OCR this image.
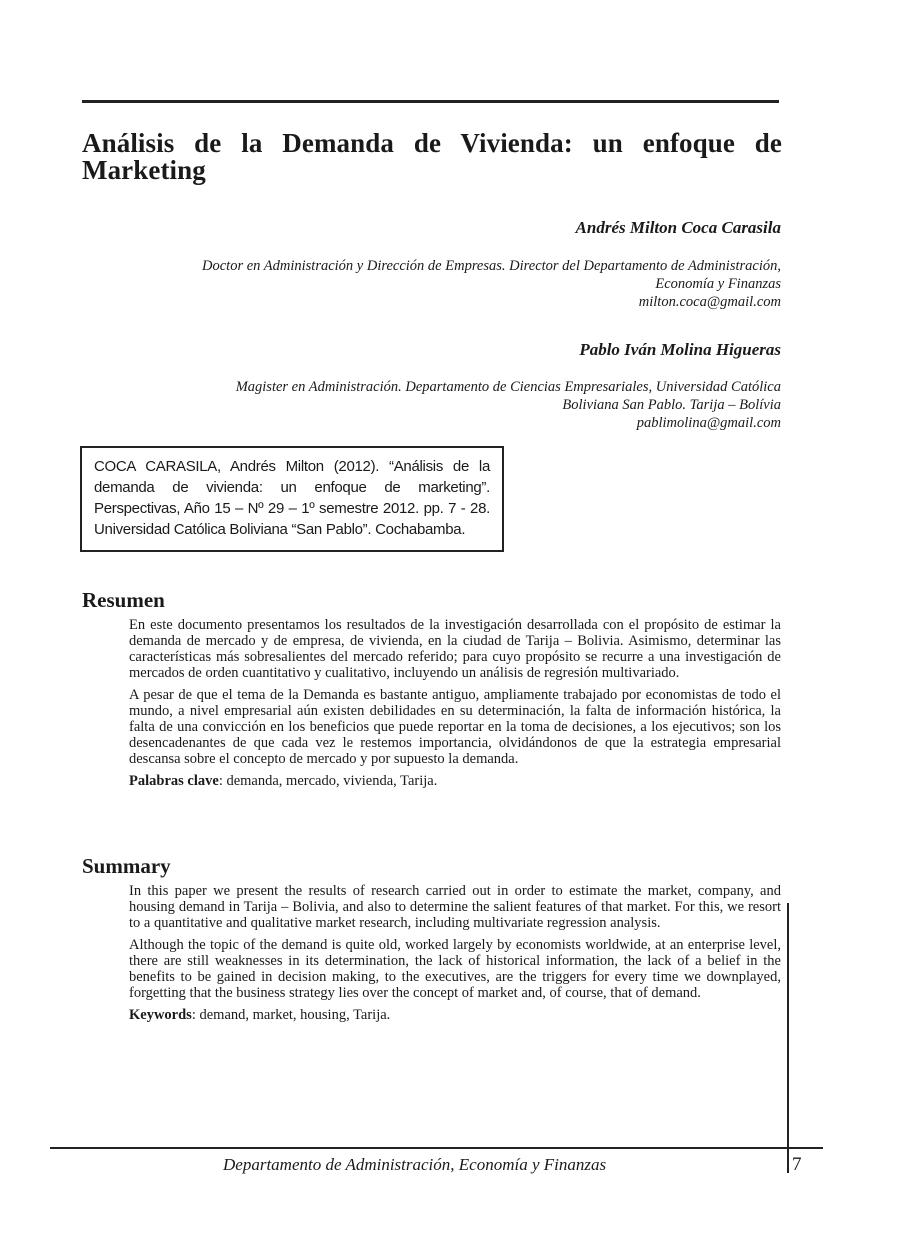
Análisis de la Demanda de Vivienda: un enfoque de Marketing
Andrés Milton Coca Carasila
Doctor en Administración y Dirección de Empresas. Director del Departamento de Administración,
Economía y Finanzas
milton.coca@gmail.com
Pablo Iván Molina Higueras
Magister en Administración. Departamento de Ciencias Empresariales, Universidad Católica
Boliviana San Pablo. Tarija – Bolívia
pablimolina@gmail.com
COCA CARASILA, Andrés Milton (2012). “Análisis de la demanda de vivienda: un enfoque de marketing”. Perspectivas, Año 15 – Nº 29 – 1º semestre 2012. pp. 7 - 28. Universidad Católica Boliviana “San Pablo”. Cochabamba.
Resumen

En este documento presentamos los resultados de la investigación desarrollada con el propósito de estimar la demanda de mercado y de empresa, de vivienda, en la ciudad de Tarija – Bolivia. Asimismo, determinar las características más sobresalientes del mercado referido; para cuyo propósito se recurre a una investigación de mercados de orden cuantitativo y cualitativo, incluyendo un análisis de regresión multivariado.

A pesar de que el tema de la Demanda es bastante antiguo, ampliamente trabajado por economistas de todo el mundo, a nivel empresarial aún existen debilidades en su determinación, la falta de información histórica, la falta de una convicción en los beneficios que puede reportar en la toma de decisiones, a los ejecutivos; son los desencadenantes de que cada vez le restemos importancia, olvidándonos de que la estrategia empresarial descansa sobre el concepto de mercado y por supuesto la demanda.

Palabras clave: demanda, mercado, vivienda, Tarija.

Summary

In this paper we present the results of research carried out in order to estimate the market, company, and housing demand in Tarija – Bolivia, and also to determine the salient features of that market. For this, we resort to a quantitative and qualitative market research, including multivariate regression analysis.

Although the topic of the demand is quite old, worked largely by economists worldwide, at an enterprise level, there are still weaknesses in its determination, the lack of historical information, the lack of a belief in the benefits to be gained in decision making, to the executives, are the triggers for every time we downplayed, forgetting that the business strategy lies over the concept of market and, of course, that of demand.

Keywords: demand, market, housing, Tarija.

Departamento de Administración, Economía y Finanzas	7
